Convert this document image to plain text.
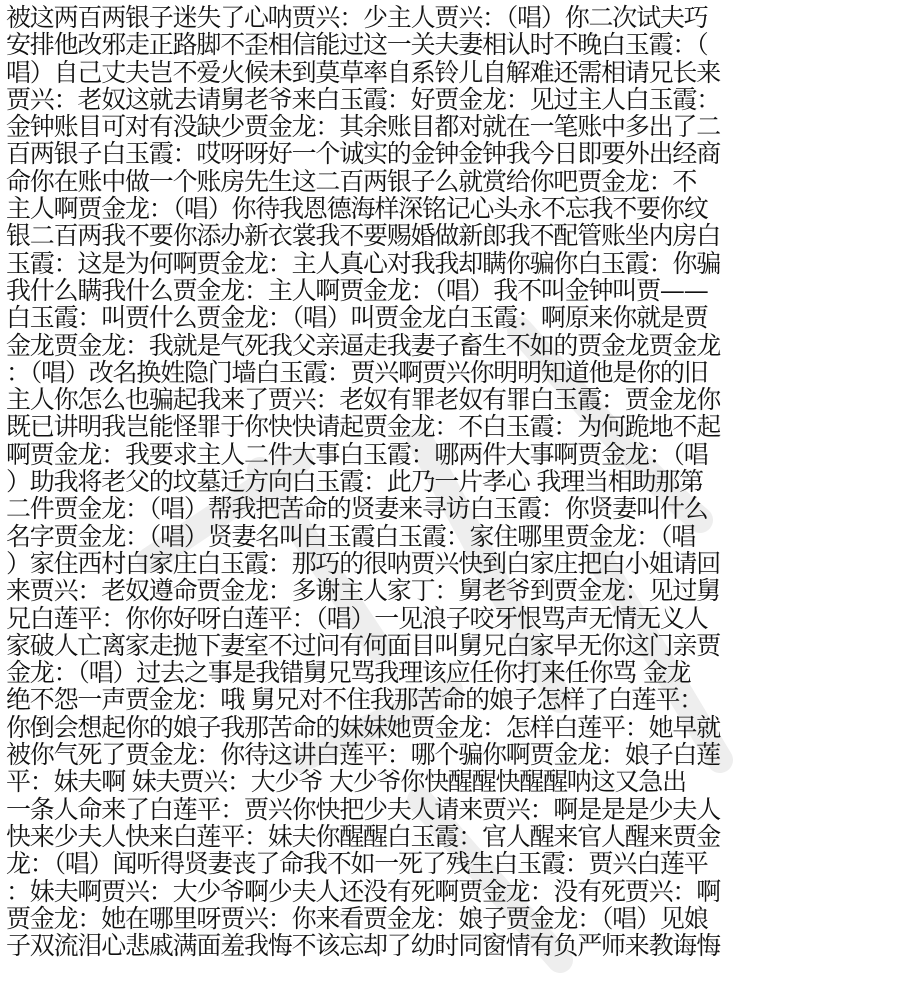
被这两百两银子迷失了心呐贾兴：少主人贾兴：（唱）你二次试夫巧
安排他改邪走正路脚不歪相信能过这一关夫妻相认时不晚白玉霞：（
唱）自己丈夫岂不爱火候未到莫草率自系铃儿自解难还需相请兄长来
贾兴：老奴这就去请舅老爷来白玉霞：好贾金龙：见过主人白玉霞：
金钟账目可对有没缺少贾金龙：其余账目都对就在一笔账中多出了二
百两银子白玉霞：哎呀呀好一个诚实的金钟金钟我今日即要外出经商
命你在账中做一个账房先生这二百两银子么就赏给你吧贾金龙：不
主人啊贾金龙：（唱）你待我恩德海样深铭记心头永不忘我不要你纹
银二百两我不要你添办新衣裳我不要赐婚做新郎我不配管账坐内房白
玉霞：这是为何啊贾金龙：主人真心对我我却瞒你骗你白玉霞：你骗
我什么瞒我什么贾金龙：主人啊贾金龙：（唱）我不叫金钟叫贾——
白玉霞：叫贾什么贾金龙：（唱）叫贾金龙白玉霞：啊原来你就是贾
金龙贾金龙：我就是气死我父亲逼走我妻子畜生不如的贾金龙贾金龙
：（唱）改名换姓隐门墙白玉霞：贾兴啊贾兴你明明知道他是你的旧
主人你怎么也骗起我来了贾兴：老奴有罪老奴有罪白玉霞：贾金龙你
既已讲明我岂能怪罪于你快快请起贾金龙：不白玉霞：为何跪地不起
啊贾金龙：我要求主人二件大事白玉霞：哪两件大事啊贾金龙：（唱
）助我将老父的坟墓迁方向白玉霞：此乃一片孝心 我理当相助那第
二件贾金龙：（唱）帮我把苦命的贤妻来寻访白玉霞：你贤妻叫什么
名字贾金龙：（唱）贤妻名叫白玉霞白玉霞：家住哪里贾金龙：（唱
）家住西村白家庄白玉霞：那巧的很呐贾兴快到白家庄把白小姐请回
来贾兴：老奴遵命贾金龙：多谢主人家丁：舅老爷到贾金龙：见过舅
兄白莲平：你你好呀白莲平：（唱）一见浪子咬牙恨骂声无情无义人
家破人亡离家走抛下妻室不过问有何面目叫舅兄白家早无你这门亲贾
金龙：（唱）过去之事是我错舅兄骂我理该应任你打来任你骂 金龙
绝不怨一声贾金龙：哦 舅兄对不住我那苦命的娘子怎样了白莲平：
你倒会想起你的娘子我那苦命的妹妹她贾金龙：怎样白莲平：她早就
被你气死了贾金龙：你待这讲白莲平：哪个骗你啊贾金龙：娘子白莲
平：妹夫啊 妹夫贾兴：大少爷 大少爷你快醒醒快醒醒呐这又急出
一条人命来了白莲平：贾兴你快把少夫人请来贾兴：啊是是是少夫人
快来少夫人快来白莲平：妹夫你醒醒白玉霞：官人醒来官人醒来贾金
龙：（唱）闻听得贤妻丧了命我不如一死了残生白玉霞：贾兴白莲平
：妹夫啊贾兴：大少爷啊少夫人还没有死啊贾金龙：没有死贾兴：啊
贾金龙：她在哪里呀贾兴：你来看贾金龙：娘子贾金龙：（唱）见娘
子双流泪心悲戚满面羞我悔不该忘却了幼时同窗情有负严师来教诲悔
